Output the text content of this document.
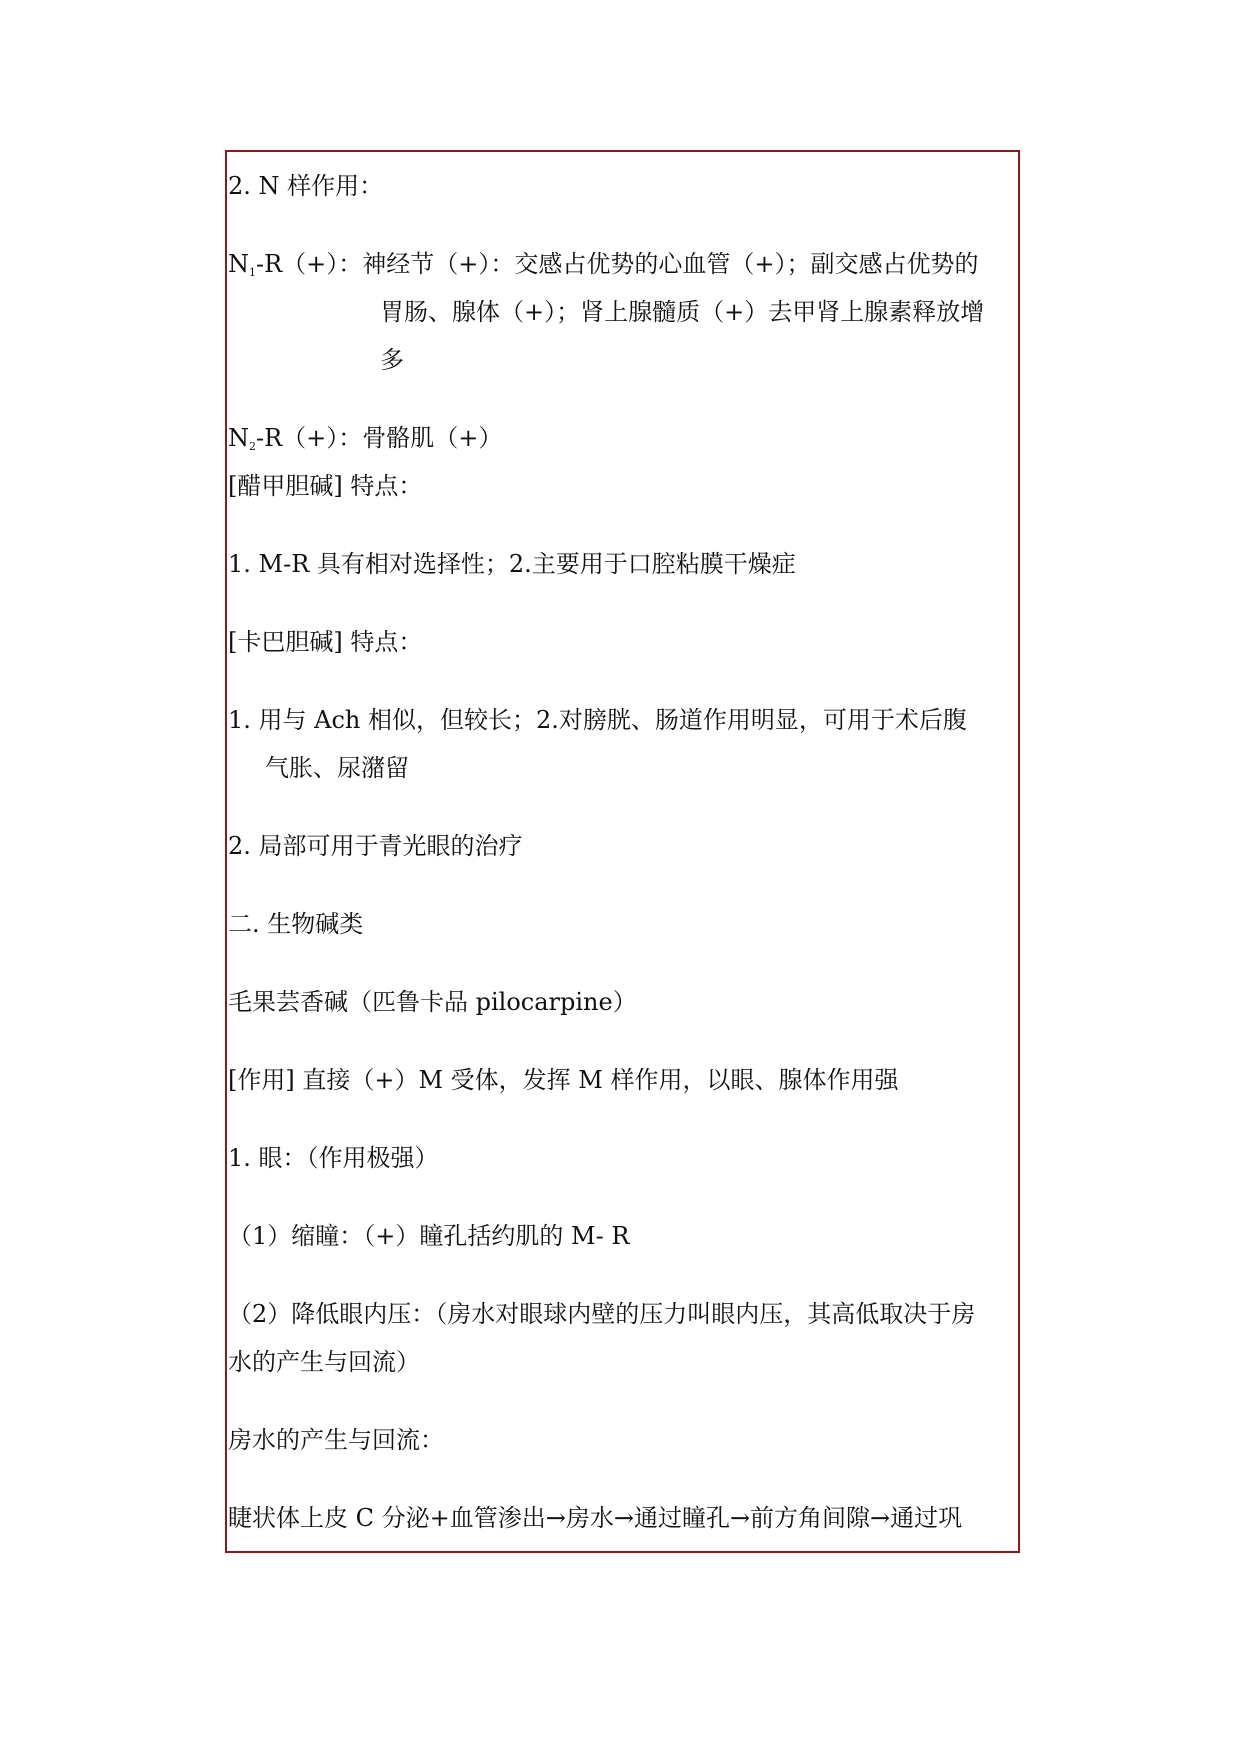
2. N 样作用：
$N_1-R(+)$：神经节（+）：交感占优势的心血管（+）；副交感占优势的
胃肠、腺体（+）；肾上腺髓质（+）去甲肾上腺素释放增
多
$N_2-R(+)$：骨骼肌（+）
[醋甲胆碱] 特点：
1. M-R 具有相对选择性；2.主要用于口腔粘膜干燥症
[卡巴胆碱] 特点：
1. 用与 Ach 相似，但较长；2.对膀胱、肠道作用明显，可用于术后腹
气胀、尿潴留
2. 局部可用于青光眼的治疗
二. 生物碱类
毛果芸香碱（匹鲁卡品 pilocarpine）
[作用] 直接（+）M 受体，发挥 M 样作用，以眼、腺体作用强
1. 眼：（作用极强）
（1）缩瞳：（+）瞳孔括约肌的 M- R
（2）降低眼内压：（房水对眼球内壁的压力叫眼内压，其高低取决于房
水的产生与回流）
房水的产生与回流：
睫状体上皮 C 分泌+血管渗出→房水→通过瞳孔→前方角间隙→通过巩
